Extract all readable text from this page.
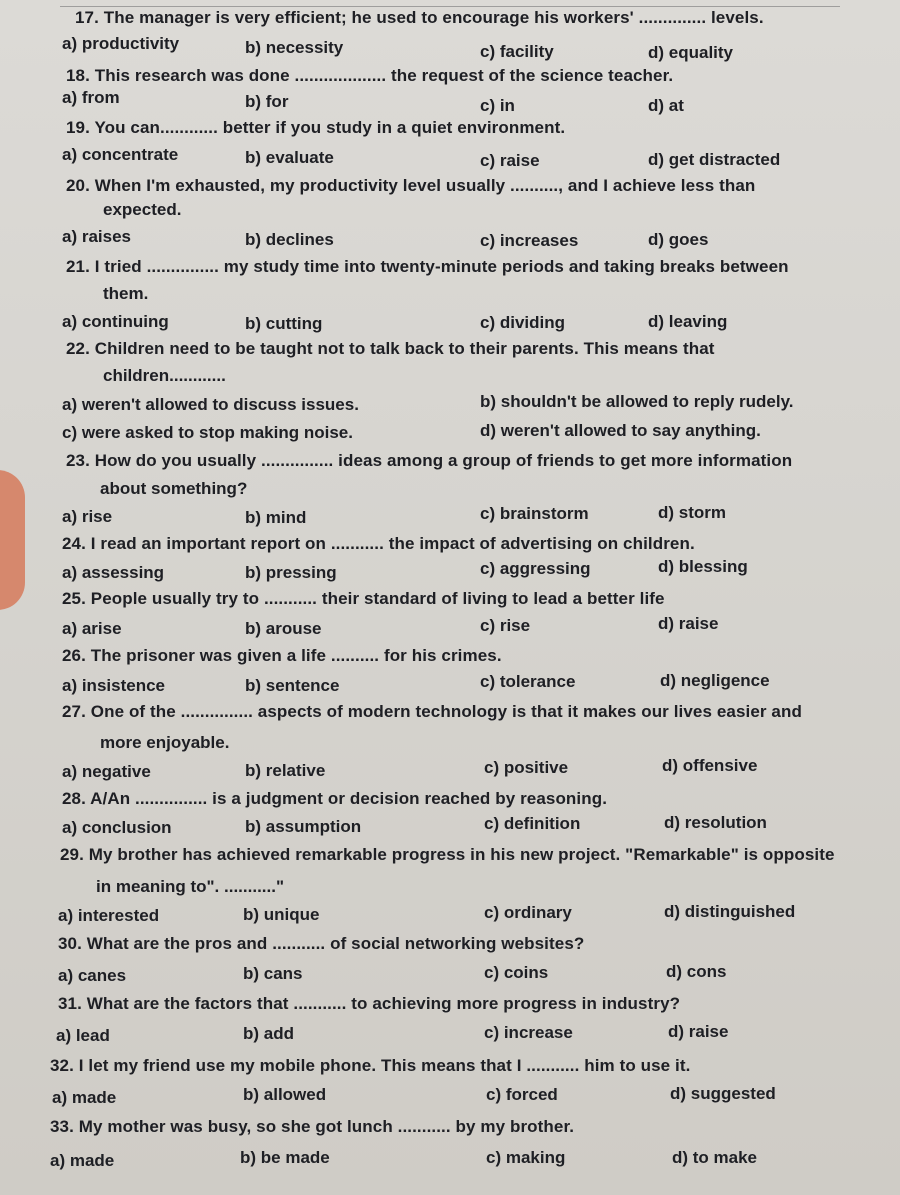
17. The manager is very efficient; he used to encourage his workers' .............. levels.
a) productivity	b) necessity	c) facility	d) equality
18. This research was done ................... the request of the science teacher.
a) from	b) for	c) in	d) at
19. You can............ better if you study in a quiet environment.
a) concentrate	b) evaluate	c) raise	d) get distracted
20. When I'm exhausted, my productivity level usually .........., and I achieve less than
expected.
a) raises	b) declines	c) increases	d) goes
21. I tried ............... my study time into twenty-minute periods and taking breaks between
them.
a) continuing	b) cutting	c) dividing	d) leaving
22. Children need to be taught not to talk back to their parents. This means that
children............
a) weren't allowed to discuss issues.	b) shouldn't be allowed to reply rudely.
c) were asked to stop making noise.	d) weren't allowed to say anything.
23. How do you usually ............... ideas among a group of friends to get more information
about something?
a) rise	b) mind	c) brainstorm	d) storm
24. I read an important report on ........... the impact of advertising on children.
a) assessing	b) pressing	c) aggressing	d) blessing
25. People usually try to ........... their standard of living to lead a better life
a) arise	b) arouse	c) rise	d) raise
26. The prisoner was given a life .......... for his crimes.
a) insistence	b) sentence	c) tolerance	d) negligence
27. One of the ............... aspects of modern technology is that it makes our lives easier and
more enjoyable.
a) negative	b) relative	c) positive	d) offensive
28. A/An ............... is a judgment or decision reached by reasoning.
a) conclusion	b) assumption	c) definition	d) resolution
29. My brother has achieved remarkable progress in his new project. "Remarkable" is opposite
in meaning to". ..........."
a) interested	b) unique	c) ordinary	d) distinguished
30. What are the pros and ........... of social networking websites?
a) canes	b) cans	c) coins	d) cons
31. What are the factors that ........... to achieving more progress in industry?
a) lead	b) add	c) increase	d) raise
32. I let my friend use my mobile phone. This means that I ........... him to use it.
a) made	b) allowed	c) forced	d) suggested
33. My mother was busy, so she got lunch ........... by my brother.
a) made	b) be made	c) making	d) to make
